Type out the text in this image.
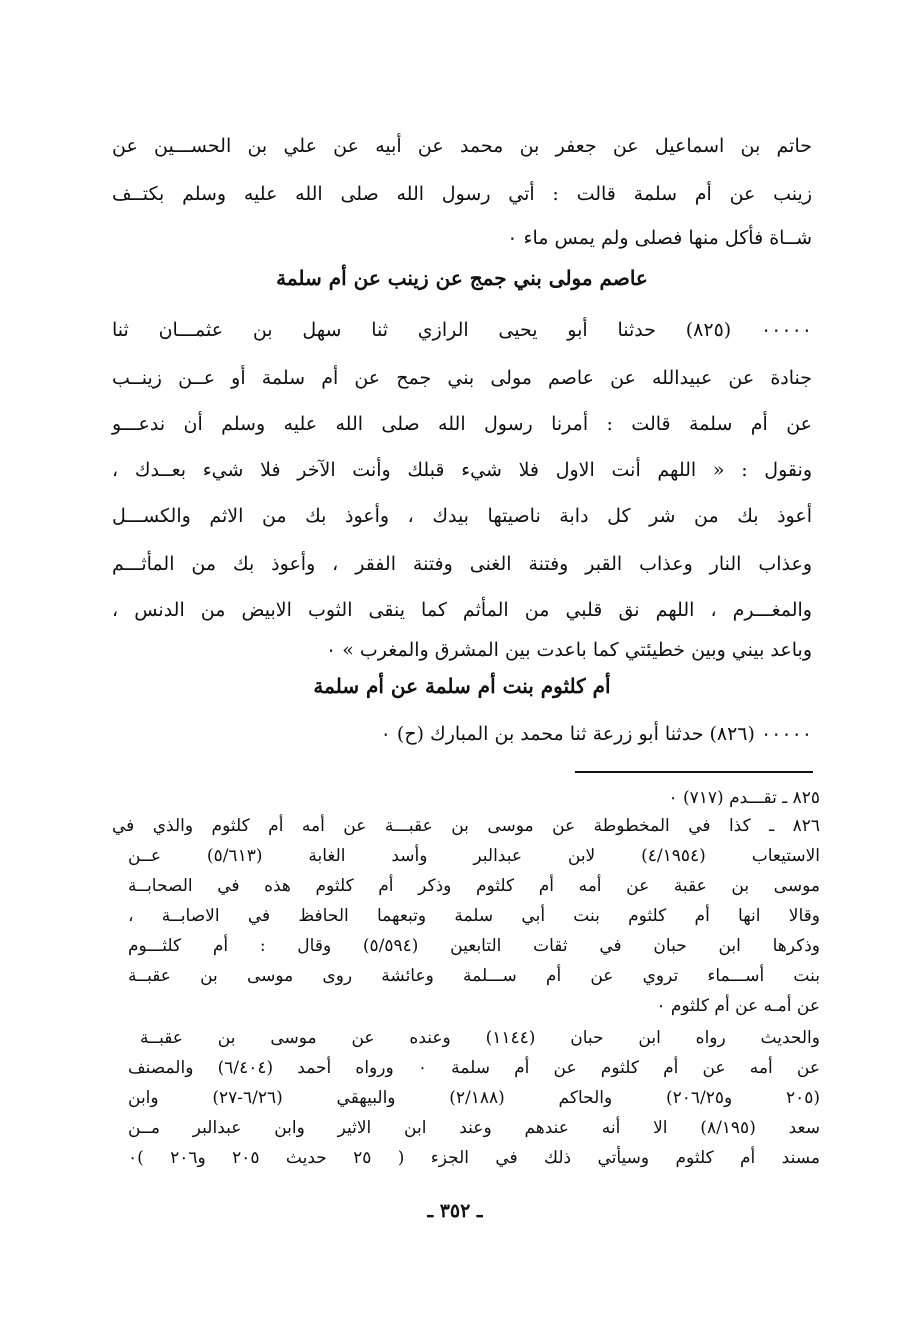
حاتم بن اسماعيل عن جعفر بن محمد عن أبيه عن علي بن الحســـين عن
زينب عن أم سلمة قالت : أتي رسول الله صلى الله عليه وسلم بكتــف
شــاة فأكل منها فصلى ولم يمس ماء ٠
عاصم مولى بني جمج عن زينب عن أم سلمة
٠٠٠٠٠ (٨٢٥) حدثنا أبو يحيى الرازي ثنا سهل بن عثمـــان ثنا
جنادة عن عبيدالله عن عاصم مولى بني جمح عن أم سلمة أو عــن زينــب
عن أم سلمة قالت : أمرنا رسول الله صلى الله عليه وسلم أن ندعـــو
ونقول : « اللهم أنت الاول فلا شيء قبلك وأنت الآخر فلا شيء بعــدك ،
أعوذ بك من شر كل دابة ناصيتها بيدك ، وأعوذ بك من الاثم والكســـل
وعذاب النار وعذاب القبر وفتنة الغنى وفتنة الفقر ، وأعوذ بك من المأثـــم
والمغـــرم ، اللهم نق قلبي من المأثم كما ينقى الثوب الابيض من الدنس ،
وباعد بيني وبين خطيئتي كما باعدت بين المشرق والمغرب » ٠
أم كلثوم بنت أم سلمة عن أم سلمة
٠٠٠٠٠ (٨٢٦) حدثنا أبو زرعة ثنا محمد بن المبارك (ح) ٠
٨٢٥ ـ تقـــدم (٧١٧) ٠
٨٢٦ ـ كذا في المخطوطة عن موسى بن عقبـــة عن أمه أم كلثوم والذي في
الاستيعاب (٤/١٩٥٤) لابن عبدالبر وأسد الغابة (٥/٦١٣) عــن
موسى بن عقبة عن أمه أم كلثوم وذكر أم كلثوم هذه في الصحابــة
وقالا انها أم كلثوم بنت أبي سلمة وتبعهما الحافظ في الاصابــة ،
وذكرها ابن حبان في ثقات التابعين (٥/٥٩٤) وقال : أم كلثـــوم
بنت أســـماء تروي عن أم ســـلمة وعائشة روى موسى بن عقبــة
عن أمـه عن أم كلثوم ٠
والحديث رواه ابن حبان (١١٤٤) وعنده عن موسى بن عقبــة
عن أمه عن أم كلثوم عن أم سلمة ٠ ورواه أحمد (٦/٤٠٤) والمصنف
(٢٠٥ و٢٠٦/٢٥) والحاكم (٢/١٨٨) والبيهقي (٦/٢٦-٢٧) وابن
سعد (٨/١٩٥) الا أنه عندهم وعند ابن الاثير وابن عبدالبر مــن
مسند أم كلثوم وسيأتي ذلك في الجزء ( ٢٥ حديث ٢٠٥ و٢٠٦ )٠
ـ ٣٥٢ ـ
